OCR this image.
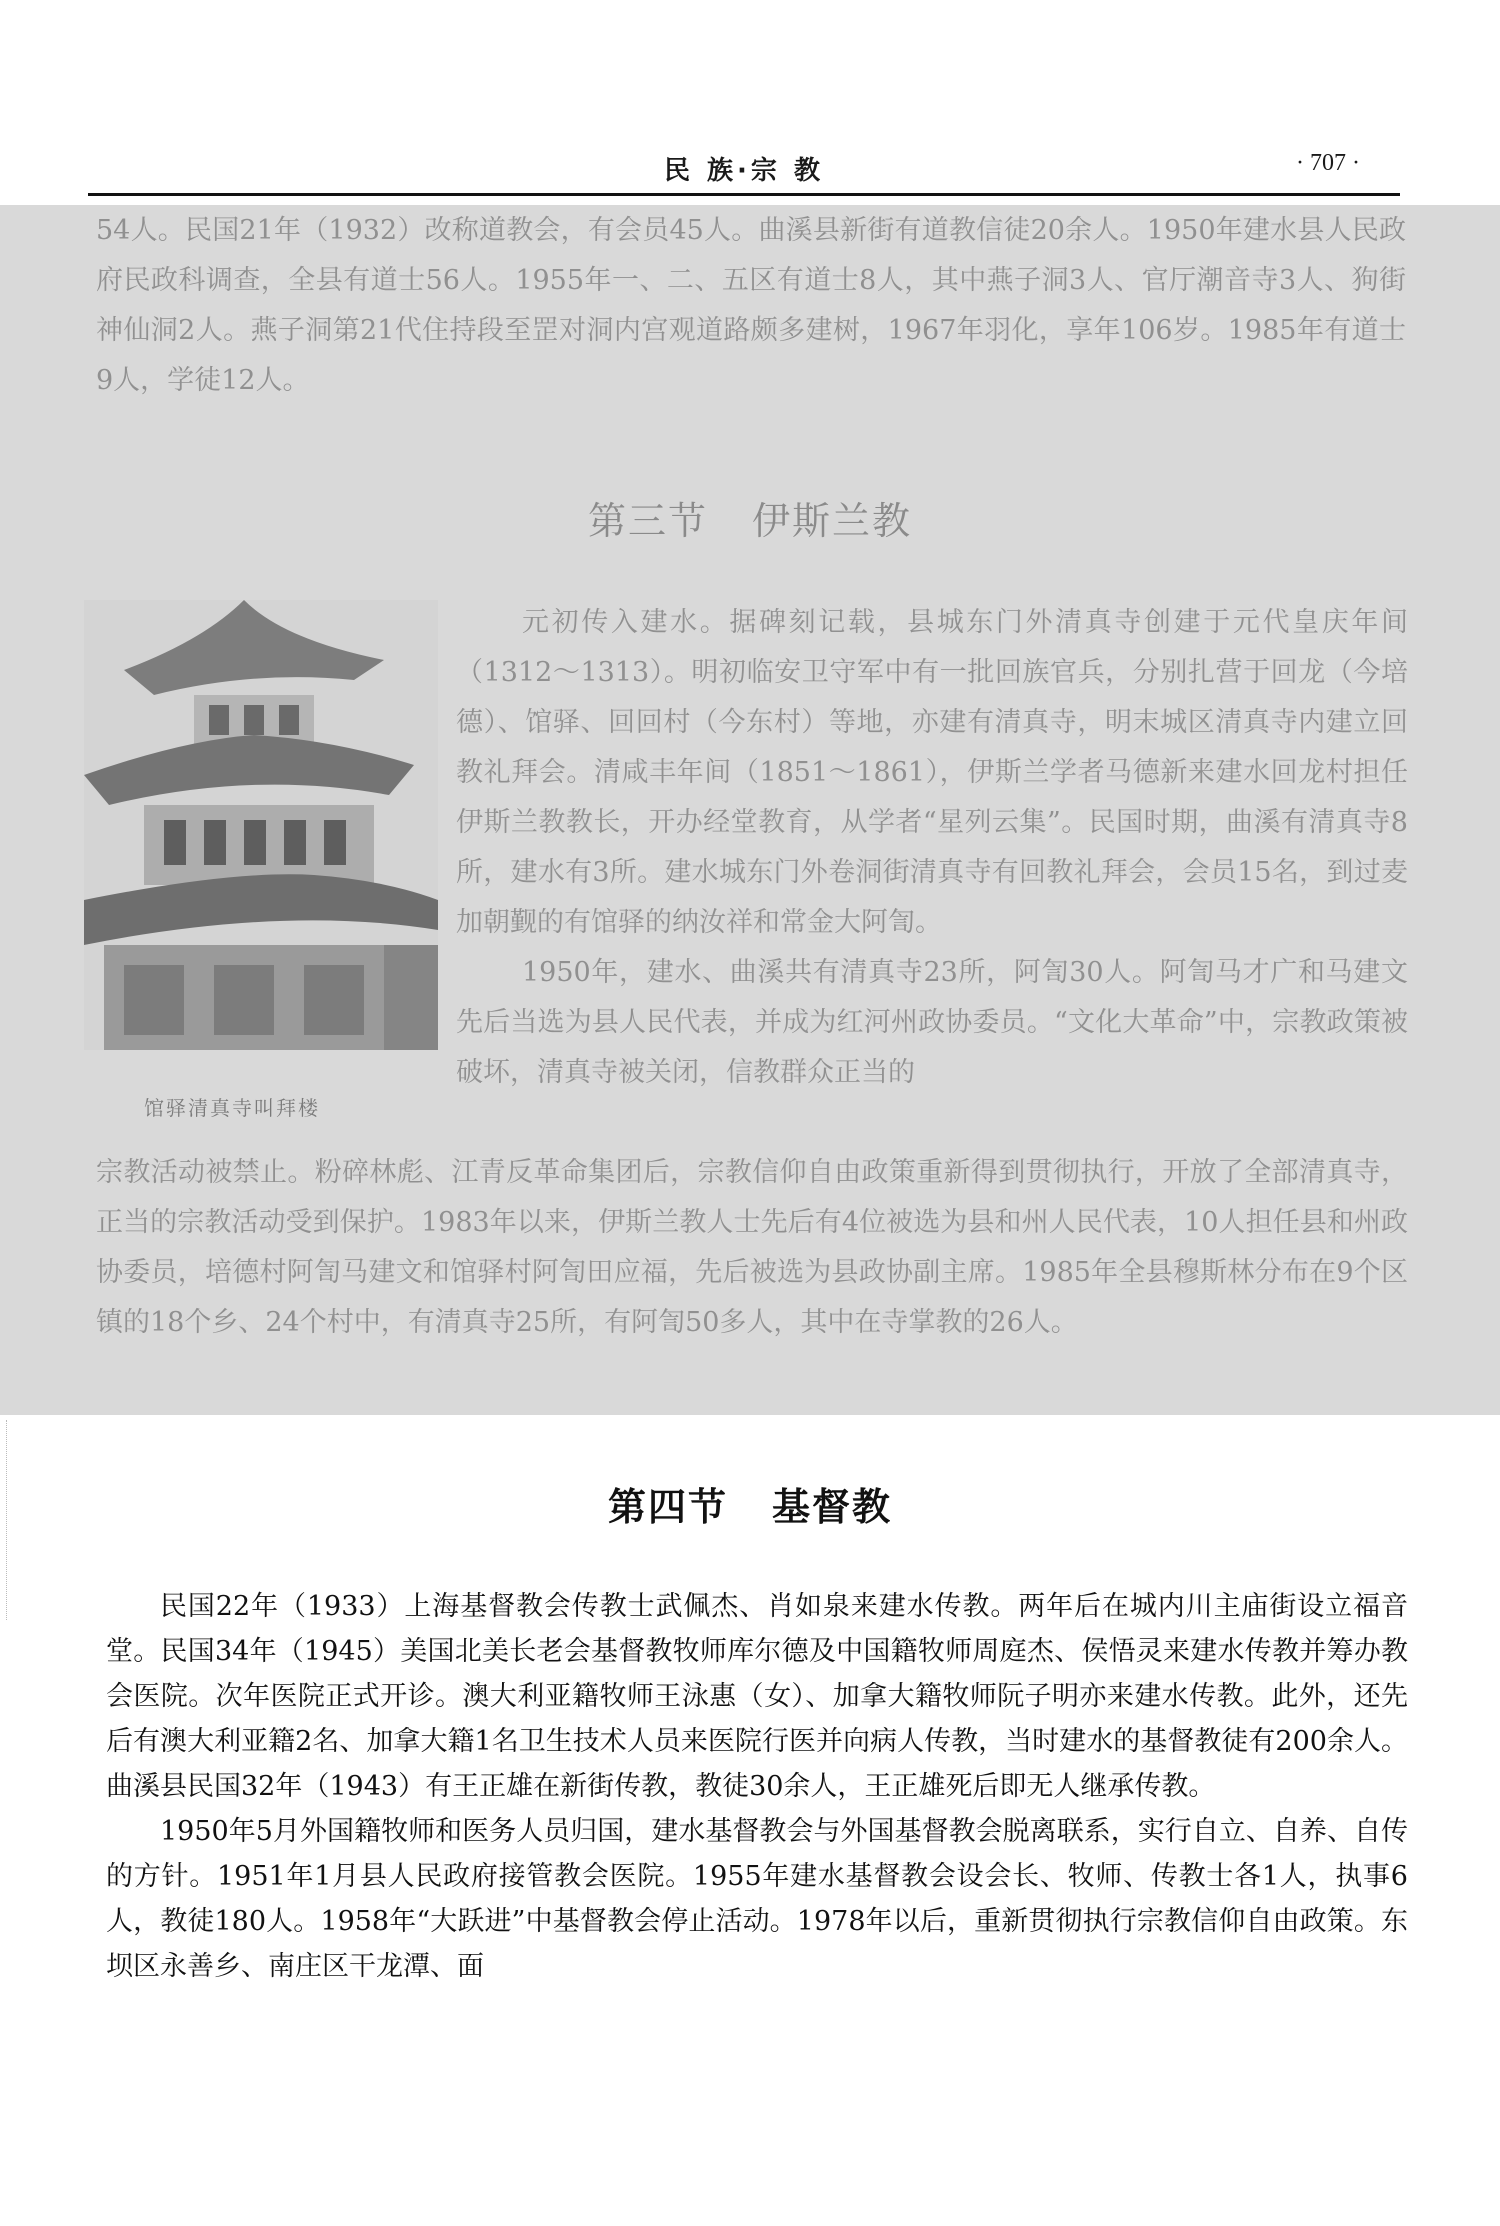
民 族·宗 教	· 707 ·

54人。民国21年（1932）改称道教会，有会员45人。曲溪县新街有道教信徒20余人。1950年建水县人民政府民政科调查，全县有道士56人。1955年一、二、五区有道士8人，其中燕子洞3人、官厅潮音寺3人、狗街神仙洞2人。燕子洞第21代住持段至罡对洞内宫观道路颇多建树，1967年羽化，享年106岁。1985年有道士9人，学徒12人。

第三节 伊斯兰教
馆驿清真寺叫拜楼

元初传入建水。据碑刻记载，县城东门外清真寺创建于元代皇庆年间（1312～1313）。明初临安卫守军中有一批回族官兵，分别扎营于回龙（今培德）、馆驿、回回村（今东村）等地，亦建有清真寺，明末城区清真寺内建立回教礼拜会。清咸丰年间（1851～1861），伊斯兰学者马德新来建水回龙村担任伊斯兰教教长，开办经堂教育，从学者“星列云集”。民国时期，曲溪有清真寺8所，建水有3所。建水城东门外卷洞街清真寺有回教礼拜会，会员15名，到过麦加朝觐的有馆驿的纳汝祥和常金大阿訇。

1950年，建水、曲溪共有清真寺23所，阿訇30人。阿訇马才广和马建文先后当选为县人民代表，并成为红河州政协委员。“文化大革命”中，宗教政策被破坏，清真寺被关闭，信教群众正当的

宗教活动被禁止。粉碎林彪、江青反革命集团后，宗教信仰自由政策重新得到贯彻执行，开放了全部清真寺，正当的宗教活动受到保护。1983年以来，伊斯兰教人士先后有4位被选为县和州人民代表，10人担任县和州政协委员，培德村阿訇马建文和馆驿村阿訇田应福，先后被选为县政协副主席。1985年全县穆斯林分布在9个区镇的18个乡、24个村中，有清真寺25所，有阿訇50多人，其中在寺掌教的26人。

第四节 基督教

民国22年（1933）上海基督教会传教士武佩杰、肖如泉来建水传教。两年后在城内川主庙街设立福音堂。民国34年（1945）美国北美长老会基督教牧师库尔德及中国籍牧师周庭杰、侯悟灵来建水传教并筹办教会医院。次年医院正式开诊。澳大利亚籍牧师王泳惠（女）、加拿大籍牧师阮子明亦来建水传教。此外，还先后有澳大利亚籍2名、加拿大籍1名卫生技术人员来医院行医并向病人传教，当时建水的基督教徒有200余人。曲溪县民国32年（1943）有王正雄在新街传教，教徒30余人，王正雄死后即无人继承传教。

1950年5月外国籍牧师和医务人员归国，建水基督教会与外国基督教会脱离联系，实行自立、自养、自传的方针。1951年1月县人民政府接管教会医院。1955年建水基督教会设会长、牧师、传教士各1人，执事6人，教徒180人。1958年“大跃进”中基督教会停止活动。1978年以后，重新贯彻执行宗教信仰自由政策。东坝区永善乡、南庄区干龙潭、面
